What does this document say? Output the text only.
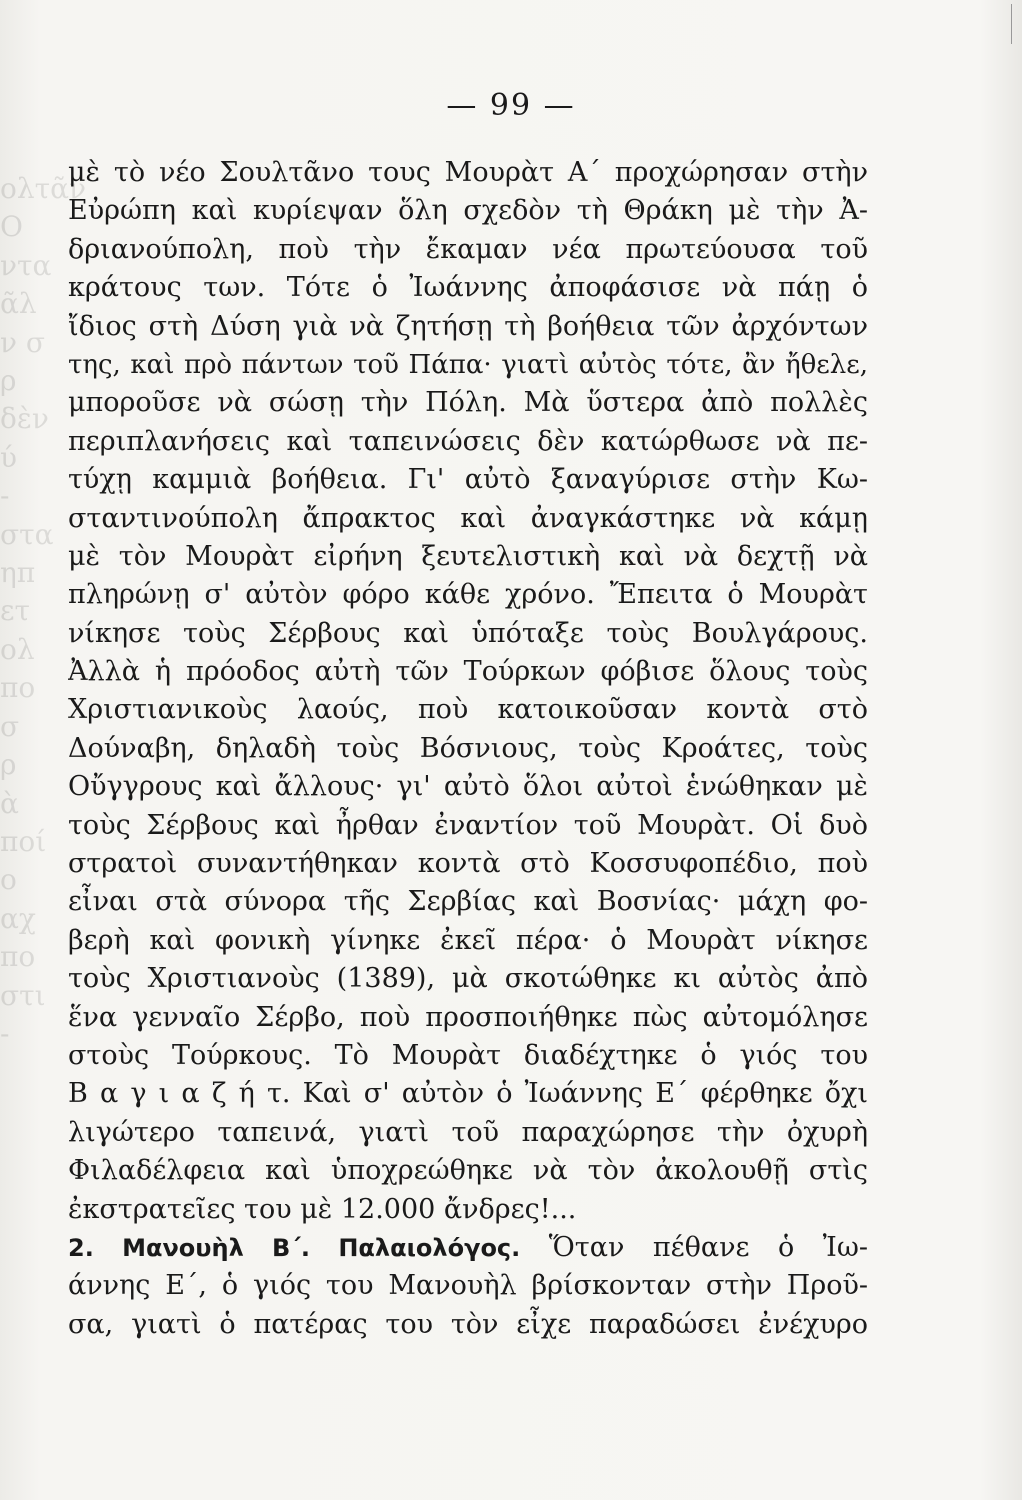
ολτᾶν
Ο
ντα
ᾶλ
ν σ
ρ
δὲν
ύ
-
στα
ηπ
ετ
ολ
πο
σ
ρ
ὰ
ποί
ο
αχ
πο
στι
-
— 99 —
μὲ τὸ νέο Σουλτᾶνο τους Μουρὰτ Α΄ προχώρησαν στὴν
Εὐρώπη καὶ κυρίεψαν ὅλη σχεδὸν τὴ Θράκη μὲ τὴν Ἀ-
δριανούπολη, ποὺ τὴν ἔκαμαν νέα πρωτεύουσα τοῦ
κράτους των. Τότε ὁ Ἰωάννης ἀποφάσισε νὰ πάῃ ὁ
ἴδιος στὴ Δύση γιὰ νὰ ζητήσῃ τὴ βοήθεια τῶν ἀρχόντων
της, καὶ πρὸ πάντων τοῦ Πάπα· γιατὶ αὐτὸς τότε, ἂν ἤθελε,
μποροῦσε νὰ σώσῃ τὴν Πόλη. Μὰ ὕστερα ἀπὸ πολλὲς
περιπλανήσεις καὶ ταπεινώσεις δὲν κατώρθωσε νὰ πε-
τύχῃ καμμιὰ βοήθεια. Γι' αὐτὸ ξαναγύρισε στὴν Κω-
σταντινούπολη ἄπρακτος καὶ ἀναγκάστηκε νὰ κάμῃ
μὲ τὸν Μουρὰτ εἰρήνη ξευτελιστικὴ καὶ νὰ δεχτῇ νὰ
πληρώνῃ σ' αὐτὸν φόρο κάθε χρόνο. Ἔπειτα ὁ Μουρὰτ
νίκησε τοὺς Σέρβους καὶ ὑπόταξε τοὺς Βουλγάρους.
Ἀλλὰ ἡ πρόοδος αὐτὴ τῶν Τούρκων φόβισε ὅλους τοὺς
Χριστιανικοὺς λαούς, ποὺ κατοικοῦσαν κοντὰ στὸ
Δούναβη, δηλαδὴ τοὺς Βόσνιους, τοὺς Κροάτες, τοὺς
Οὔγγρους καὶ ἄλλους· γι' αὐτὸ ὅλοι αὐτοὶ ἑνώθηκαν μὲ
τοὺς Σέρβους καὶ ἦρθαν ἐναντίον τοῦ Μουρὰτ. Οἱ δυὸ
στρατοὶ συναντήθηκαν κοντὰ στὸ Κοσσυφοπέδιο, ποὺ
εἶναι στὰ σύνορα τῆς Σερβίας καὶ Βοσνίας· μάχη φο-
βερὴ καὶ φονικὴ γίνηκε ἐκεῖ πέρα· ὁ Μουρὰτ νίκησε
τοὺς Χριστιανοὺς (1389), μὰ σκοτώθηκε κι αὐτὸς ἀπὸ
ἕνα γενναῖο Σέρβο, ποὺ προσποιήθηκε πὼς αὐτομόλησε
στοὺς Τούρκους. Τὸ Μουρὰτ διαδέχτηκε ὁ γιός του
Β α γ ι α ζ ή τ. Καὶ σ' αὐτὸν ὁ Ἰωάννης Ε΄ φέρθηκε ὄχι
λιγώτερο ταπεινά, γιατὶ τοῦ παραχώρησε τὴν ὀχυρὴ
Φιλαδέλφεια καὶ ὑποχρεώθηκε νὰ τὸν ἀκολουθῇ στὶς
ἐκστρατεῖες του μὲ 12.000 ἄνδρες!...
2. Μανουὴλ Β΄. Παλαιολόγος. Ὅταν πέθανε ὁ Ἰω-
άννης Ε΄, ὁ γιός του Μανουὴλ βρίσκονταν στὴν Προῦ-
σα, γιατὶ ὁ πατέρας του τὸν εἶχε παραδώσει ἐνέχυρο
